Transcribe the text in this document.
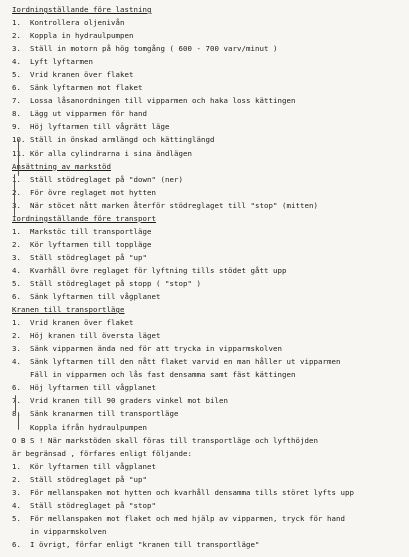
Iordningställande före lastning
1. Kontrollera oljenivån
2. Koppla in hydraulpumpen
3. Ställ in motorn på hög tomgång ( 600 - 700 varv/minut )
4. Lyft lyftarmen
5. Vrid kranen över flaket
6. Sänk lyftarmen mot flaket
7. Lossa låsanordningen till vipparmen och haka loss kättingen
8. Lägg ut vipparmen för hand
9. Höj lyftarmen till vågrätt läge
10. Ställ in önskad armlängd och kättinglängd
11. Kör alla cylindrarna i sina ändlägen
Ansättning av markstöd
1. Ställ stödreglaget på "down" (ner)
2. För övre reglaget mot hytten
3. När stöcet nått marken återför stödreglaget till "stop" (mitten)
Iordningställande före transport
1. Markstöc till transportläge
2. Kör lyftarmen till toppläge
3. Ställ stödreglaget på "up"
4. Kvarhåll övre reglaget för lyftning tills stödet gått upp
5. Ställ stödreglaget på stopp ( "stop" )
6. Sänk lyftarmen till vågplanet
Kranen till transportläge
1. Vrid kranen över flaket
2. Höj kranen till översta läget
3. Sänk vipparmen ända ned för att trycka in vipparmskolven
4. Sänk lyftarmen till den nått flaket varvid en man håller ut vipparmen
Fäll in vipparmen och lås fast densamma samt fäst kättingen
6. Höj lyftarmen till vågplanet
7. Vrid kranen till 90 graders vinkel mot bilen
8. Sänk kranarmen till transportläge
Koppla ifrån hydraulpumpen
O B S ! När markstöden skall föras till transportläge och lyfthöjden
är begränsad , förfares enligt följande:
1. Kör lyftarmen till vågplanet
2. Ställ stödreglaget på "up"
3. För mellanspaken mot hytten och kvarhåll densamma tills störet lyfts upp
4. Ställ stödreglaget på "stop"
5. För mellanspaken mot flaket och med hjälp av vipparmen, tryck för hand
in vipparmskolven
6. I övrigt, förfar enligt "kranen till transportläge"
